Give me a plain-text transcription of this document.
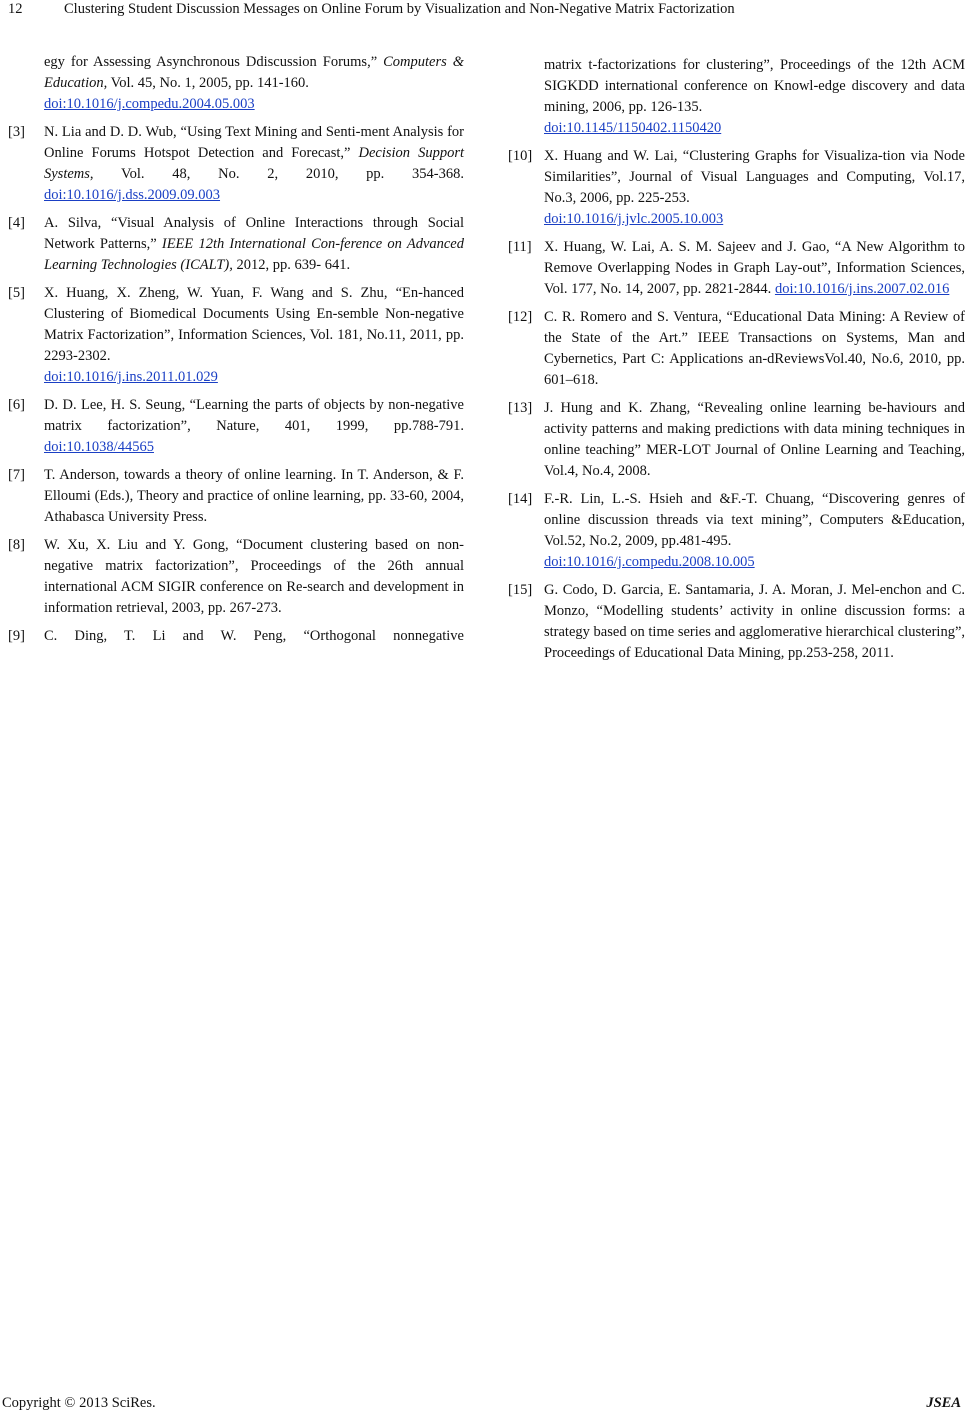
12	Clustering Student Discussion Messages on Online Forum by Visualization and Non-Negative Matrix Factorization
egy for Assessing Asynchronous Ddiscussion Forums,” Computers & Education, Vol. 45, No. 1, 2005, pp. 141-160.
doi:10.1016/j.compedu.2004.05.003
[3] N. Lia and D. D. Wub, “Using Text Mining and Senti-ment Analysis for Online Forums Hotspot Detection and Forecast,” Decision Support Systems, Vol. 48, No. 2, 2010, pp. 354-368. doi:10.1016/j.dss.2009.09.003
[4] A. Silva, “Visual Analysis of Online Interactions through Social Network Patterns,” IEEE 12th International Con-ference on Advanced Learning Technologies (ICALT), 2012, pp. 639- 641.
[5] X. Huang, X. Zheng, W. Yuan, F. Wang and S. Zhu, “En-hanced Clustering of Biomedical Documents Using En-semble Non-negative Matrix Factorization”, Information Sciences, Vol. 181, No.11, 2011, pp. 2293-2302.
doi:10.1016/j.ins.2011.01.029
[6] D. D. Lee, H. S. Seung, “Learning the parts of objects by non-negative matrix factorization”, Nature, 401, 1999, pp.788-791. doi:10.1038/44565
[7] T. Anderson, towards a theory of online learning. In T. Anderson, & F. Elloumi (Eds.), Theory and practice of online learning, pp. 33-60, 2004, Athabasca University Press.
[8] W. Xu, X. Liu and Y. Gong, “Document clustering based on non-negative matrix factorization”, Proceedings of the 26th annual international ACM SIGIR conference on Re-search and development in information retrieval, 2003, pp. 267-273.
[9] C. Ding, T. Li and W. Peng, “Orthogonal nonnegative
matrix t-factorizations for clustering”, Proceedings of the 12th ACM SIGKDD international conference on Knowl-edge discovery and data mining, 2006, pp. 126-135.
doi:10.1145/1150402.1150420
[10] X. Huang and W. Lai, “Clustering Graphs for Visualiza-tion via Node Similarities”, Journal of Visual Languages and Computing, Vol.17, No.3, 2006, pp. 225-253.
doi:10.1016/j.jvlc.2005.10.003
[11] X. Huang, W. Lai, A. S. M. Sajeev and J. Gao, “A New Algorithm to Remove Overlapping Nodes in Graph Lay-out”, Information Sciences, Vol. 177, No. 14, 2007, pp. 2821-2844. doi:10.1016/j.ins.2007.02.016
[12] C. R. Romero and S. Ventura, “Educational Data Mining: A Review of the State of the Art.” IEEE Transactions on Systems, Man and Cybernetics, Part C: Applications an-dReviewsVol.40, No.6, 2010, pp. 601–618.
[13] J. Hung and K. Zhang, “Revealing online learning be-haviours and activity patterns and making predictions with data mining techniques in online teaching” MER-LOT Journal of Online Learning and Teaching, Vol.4, No.4, 2008.
[14] F.-R. Lin, L.-S. Hsieh and &F.-T. Chuang, “Discovering genres of online discussion threads via text mining”, Computers &Education, Vol.52, No.2, 2009, pp.481-495.
doi:10.1016/j.compedu.2008.10.005
[15] G. Codo, D. Garcia, E. Santamaria, J. A. Moran, J. Mel-enchon and C. Monzo, “Modelling students’ activity in online discussion forms: a strategy based on time series and agglomerative hierarchical clustering”, Proceedings of Educational Data Mining, pp.253-258, 2011.
Copyright © 2013 SciRes.	JSEA
